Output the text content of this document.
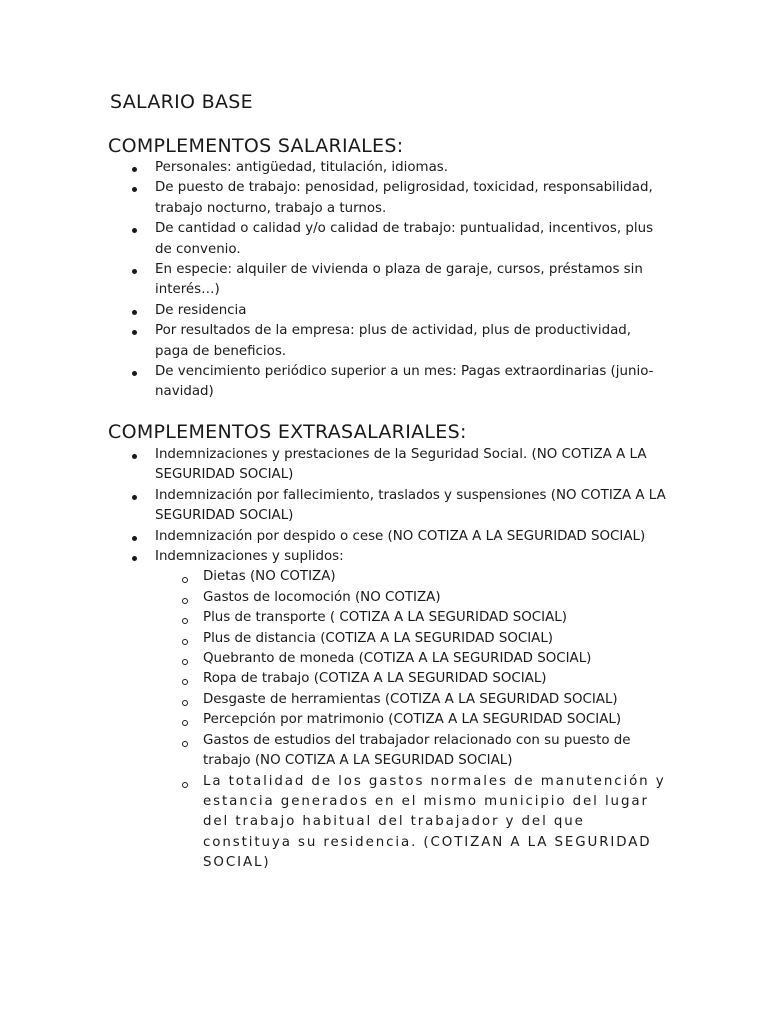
SALARIO BASE
COMPLEMENTOS SALARIALES:
Personales: antigüedad, titulación, idiomas.
De puesto de trabajo: penosidad, peligrosidad, toxicidad, responsabilidad, trabajo nocturno, trabajo a turnos.
De cantidad o calidad y/o calidad de trabajo: puntualidad, incentivos, plus de convenio.
En especie: alquiler de vivienda o plaza de garaje, cursos, préstamos sin interés…)
De residencia
Por resultados de la empresa: plus de actividad, plus de productividad, paga de beneficios.
De vencimiento periódico superior a un mes: Pagas extraordinarias (junio-navidad)
COMPLEMENTOS EXTRASALARIALES:
Indemnizaciones y prestaciones de la Seguridad Social. (NO COTIZA A LA SEGURIDAD SOCIAL)
Indemnización por fallecimiento, traslados y suspensiones (NO COTIZA A LA SEGURIDAD SOCIAL)
Indemnización por despido o cese (NO COTIZA A LA SEGURIDAD SOCIAL)
Indemnizaciones y suplidos:
Dietas (NO COTIZA)
Gastos de locomoción (NO COTIZA)
Plus de transporte ( COTIZA A LA SEGURIDAD SOCIAL)
Plus de distancia (COTIZA A LA SEGURIDAD SOCIAL)
Quebranto de moneda (COTIZA A LA SEGURIDAD SOCIAL)
Ropa de trabajo (COTIZA A LA SEGURIDAD SOCIAL)
Desgaste de herramientas (COTIZA A LA SEGURIDAD SOCIAL)
Percepción por matrimonio (COTIZA A LA SEGURIDAD SOCIAL)
Gastos de estudios del trabajador relacionado con su puesto de trabajo (NO COTIZA A LA SEGURIDAD SOCIAL)
La totalidad de los gastos normales de manutención y estancia generados en el mismo municipio del lugar del trabajo habitual del trabajador y del que constituya su residencia. (COTIZAN A LA SEGURIDAD SOCIAL)
